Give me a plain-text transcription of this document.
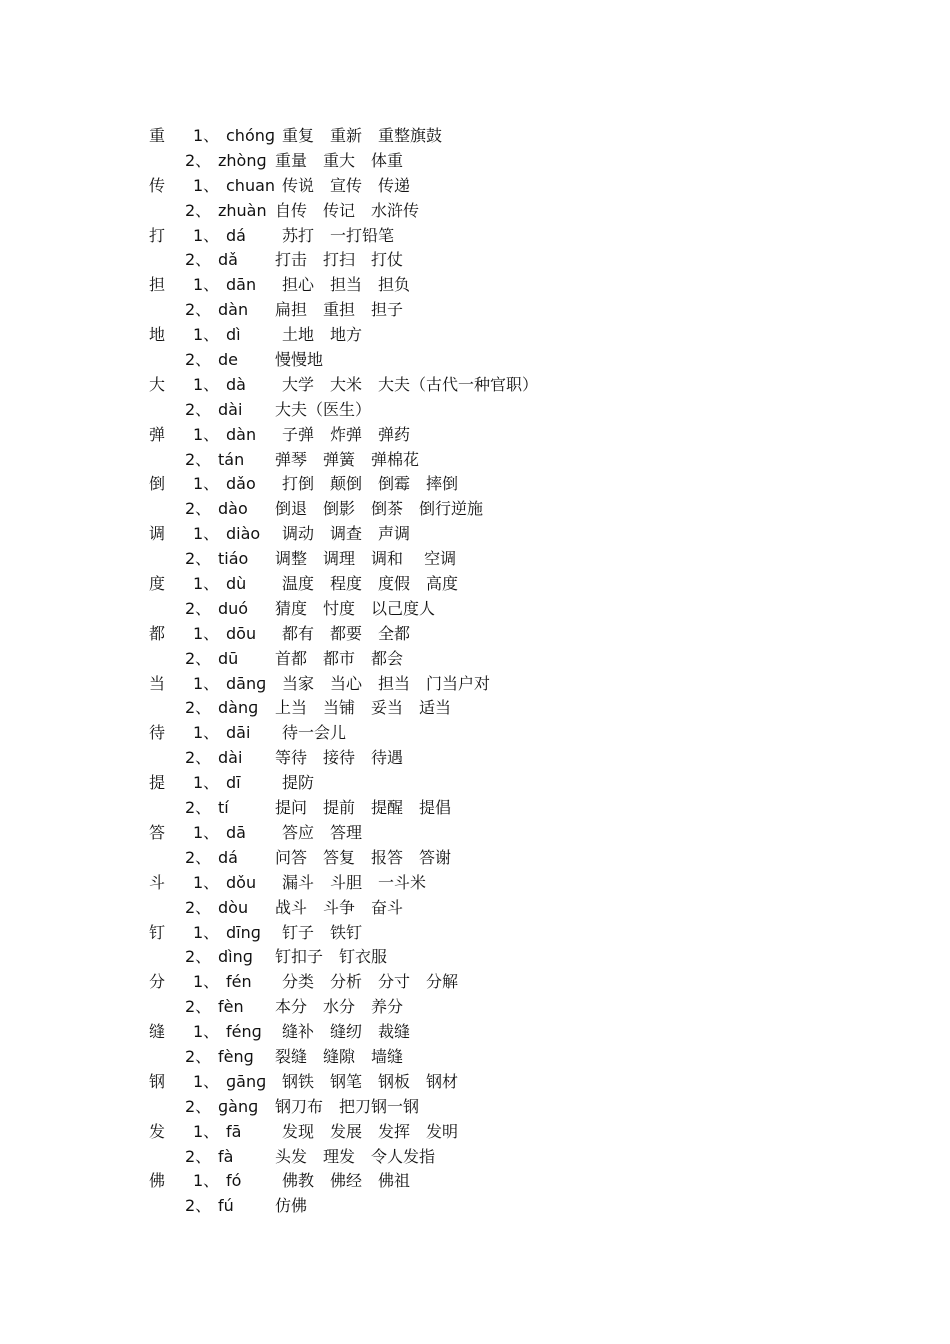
重 1、 chónɡ 重复　重新　重整旗鼓
2、 zhònɡ 重量　重大　体重
传 1、 chuan 传说　宣传　传递
2、 zhuàn 自传　传记　水浒传
打 1、 dá 苏打　一打铅笔
2、 dǎ 打击　打扫　打仗
担 1、 dān 担心　担当　担负
2、 dàn 扁担　重担　担子
地 1、 dì	土地　地方
2、 de 慢慢地
大 1、 dà 大学　大米　大夫（古代一种官职）
2、 dài 大夫（医生）
弹 1、 dàn 子弹　炸弹　弹药
2、 tán 弹琴　弹簧　弹棉花
倒 1、 dǎo 打倒　颠倒　倒霉　摔倒
2、 dào 倒退　倒影　倒茶　倒行逆施
调 1、 diào 调动　调查　声调
2、 tiáo 调整　调理　调和　 空调
度 1、 dù 温度　程度　度假　高度
2、 duó 猜度　忖度　以己度人
都 1、 dōu 都有　都要　全都
2、 dū 首都　都市　都会
当 1、 dānɡ 当家　当心　担当　门当户对
2、 dànɡ 上当　当铺　妥当　适当
待 1、 dāi 待一会儿
2、 dài 等待　接待　待遇
提 1、 dī	提防
2、 tí	提问　提前　提醒　提倡
答 1、 dā 答应　答理
2、 dá 问答　答复　报答　答谢
斗 1、 dǒu 漏斗　斗胆　一斗米
2、 dòu 战斗　斗争　奋斗
钉 1、 dīnɡ 钉子　铁钉
2、 dìnɡ 钉扣子　钉衣服
分 1、 fén 分类　分析　分寸　分解
2、 fèn 本分　水分　养分
缝 1、 fénɡ 缝补　缝纫　裁缝
2、 fènɡ 裂缝　缝隙　墙缝
钢 1、 ɡānɡ 钢铁　钢笔　钢板　钢材
2、 ɡànɡ 钢刀布　把刀钢一钢
发 1、 fā	发现　发展　发挥　发明
2、 fà	头发　理发　令人发指
佛 1、 fó	佛教　佛经　佛祖
2、 fú	仿佛
